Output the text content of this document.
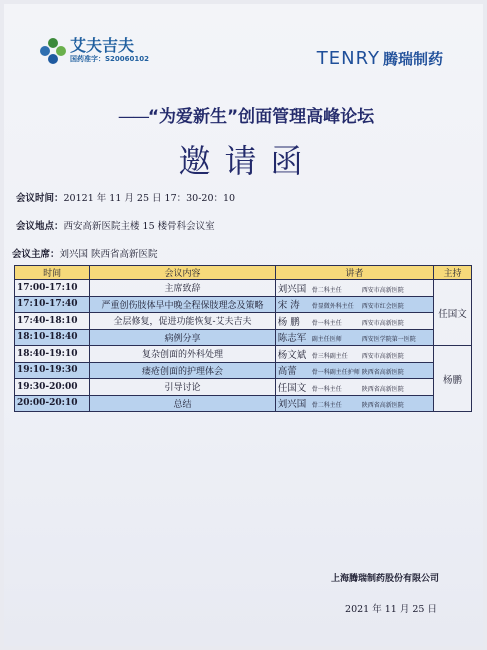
艾夫吉夫
国药准字：S20060102	TENRY 腾瑞制药
——“为爱新生”创面管理高峰论坛
邀请函
会议时间：20121 年 11 月 25 日 17：30-20：10
会议地点：西安高新医院主楼 15 楼骨科会议室
会议主席：刘兴国 陕西省高新医院
时间	会议内容	讲者	主持
17:00-17:10	主席致辞	刘兴国 骨二科主任 西安市高新医院	任国文
17:10-17:40	严重创伤肢体早中晚全程保肢理念及策略	宋 涛 骨显微外科主任 西安市红会医院	
17:40-18:10	全层修复，促进功能恢复-艾夫吉夫	杨 鹏 骨一科主任 西安市高新医院	
18:10-18:40	病例分享	陈志军 副主任医师 西安医学院第一医院	
18:40-19:10	复杂创面的外科处理	杨文斌 骨三科副主任 西安市高新医院	杨鹏
19:10-19:30	瘘疮创面的护理体会	高蕾 骨一科副主任护师 陕西省高新医院	
19:30-20:00	引导讨论	任国文 骨一科主任 陕西省高新医院	
20:00-20:10	总结	刘兴国 骨二科主任 陕西省高新医院	
上海腾瑞制药股份有限公司
2021 年 11 月 25 日
